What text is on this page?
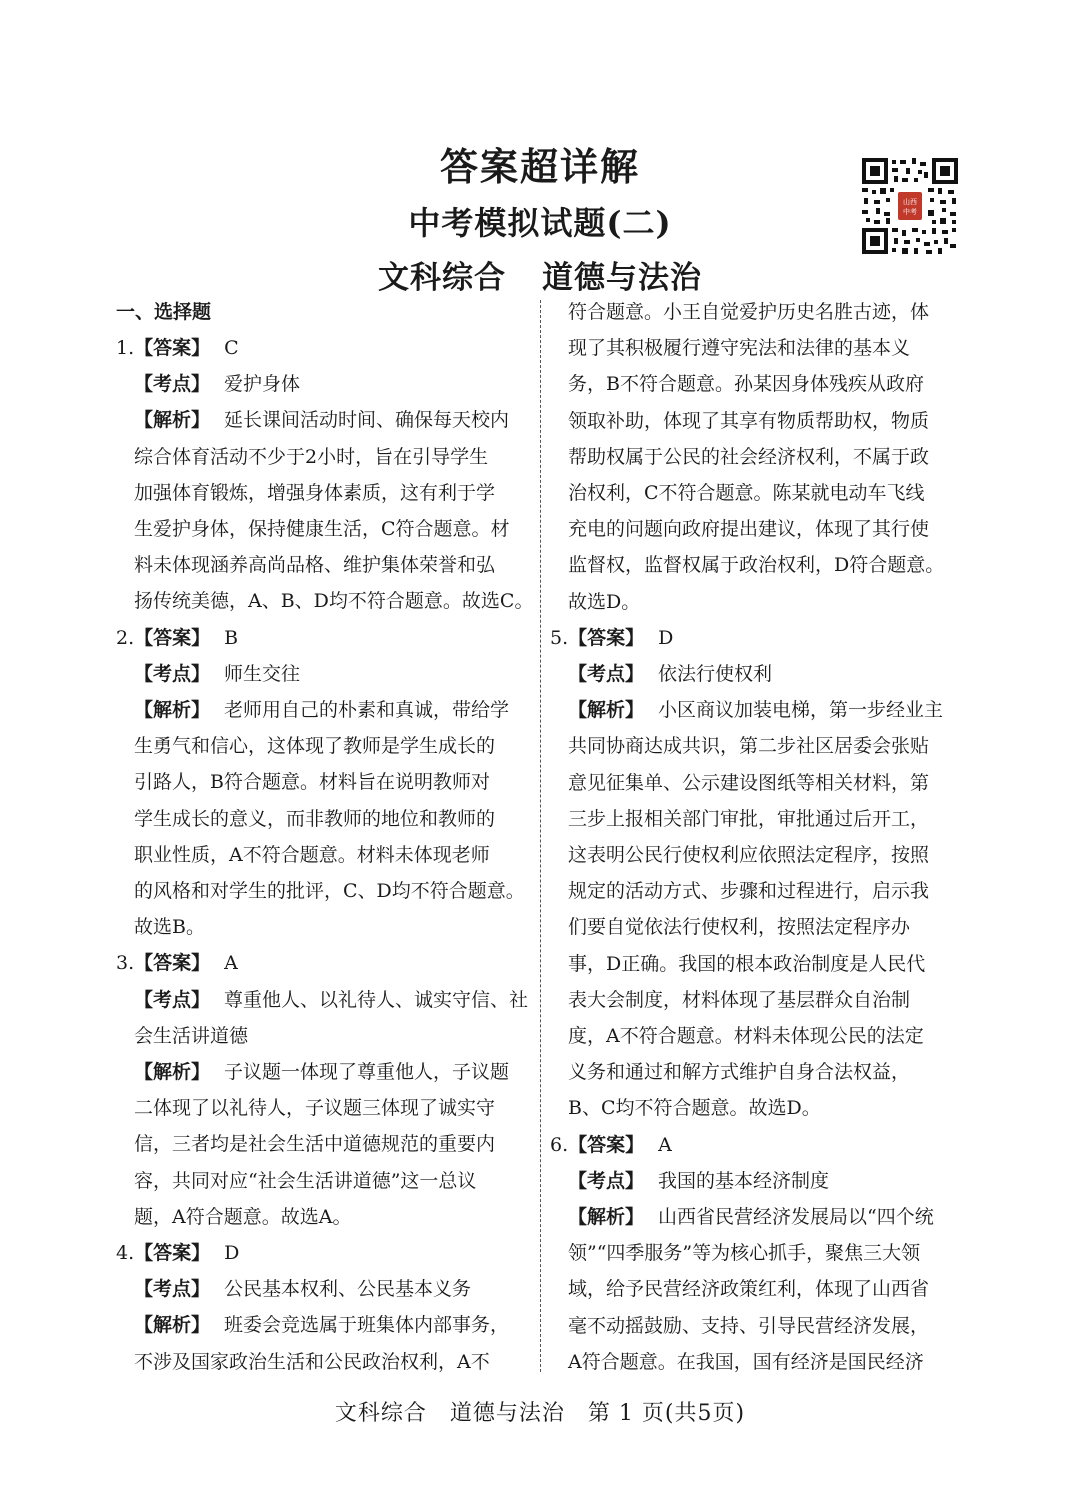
答案超详解
中考模拟试题(二)
文科综合 道德与法治
山西
中考
一、选择题
1.【答案】 C
【考点】 爱护身体
【解析】 延长课间活动时间、确保每天校内
综合体育活动不少于2小时，旨在引导学生
加强体育锻炼，增强身体素质，这有利于学
生爱护身体，保持健康生活，C符合题意。材
料未体现涵养高尚品格、维护集体荣誉和弘
扬传统美德，A、B、D均不符合题意。故选C。
2.【答案】 B
【考点】 师生交往
【解析】 老师用自己的朴素和真诚，带给学
生勇气和信心，这体现了教师是学生成长的
引路人，B符合题意。材料旨在说明教师对
学生成长的意义，而非教师的地位和教师的
职业性质，A不符合题意。材料未体现老师
的风格和对学生的批评，C、D均不符合题意。
故选B。
3.【答案】 A
【考点】 尊重他人、以礼待人、诚实守信、社
会生活讲道德
【解析】 子议题一体现了尊重他人，子议题
二体现了以礼待人，子议题三体现了诚实守
信，三者均是社会生活中道德规范的重要内
容，共同对应“社会生活讲道德”这一总议
题，A符合题意。故选A。
4.【答案】 D
【考点】 公民基本权利、公民基本义务
【解析】 班委会竞选属于班集体内部事务，
不涉及国家政治生活和公民政治权利，A不
符合题意。小王自觉爱护历史名胜古迹，体
现了其积极履行遵守宪法和法律的基本义
务，B不符合题意。孙某因身体残疾从政府
领取补助，体现了其享有物质帮助权，物质
帮助权属于公民的社会经济权利，不属于政
治权利，C不符合题意。陈某就电动车飞线
充电的问题向政府提出建议，体现了其行使
监督权，监督权属于政治权利，D符合题意。
故选D。
5.【答案】 D
【考点】 依法行使权利
【解析】 小区商议加装电梯，第一步经业主
共同协商达成共识，第二步社区居委会张贴
意见征集单、公示建设图纸等相关材料，第
三步上报相关部门审批，审批通过后开工，
这表明公民行使权利应依照法定程序，按照
规定的活动方式、步骤和过程进行，启示我
们要自觉依法行使权利，按照法定程序办
事，D正确。我国的根本政治制度是人民代
表大会制度，材料体现了基层群众自治制
度，A不符合题意。材料未体现公民的法定
义务和通过和解方式维护自身合法权益，
B、C均不符合题意。故选D。
6.【答案】 A
【考点】 我国的基本经济制度
【解析】 山西省民营经济发展局以“四个统
领”“四季服务”等为核心抓手，聚焦三大领
域，给予民营经济政策红利，体现了山西省
毫不动摇鼓励、支持、引导民营经济发展，
A符合题意。在我国，国有经济是国民经济
文科综合　道德与法治　第 1 页(共5页)
